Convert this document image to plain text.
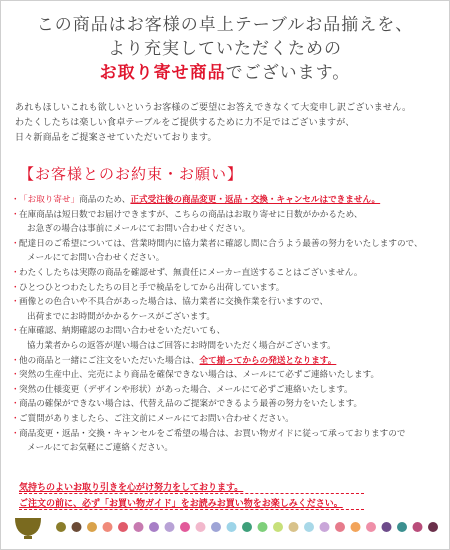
この商品はお客様の卓上テーブルお品揃えを、
より充実していただくための
お取り寄せ商品でございます。
あれもほしいこれも欲しいというお客様のご要望にお答えできなくて大変申し訳ございません。
わたくしたちは楽しい食卓テーブルをご提供するために力不足ではございますが、
日々新商品をご提案させていただいております。
【お客様とのお約束・お願い】
・ 「お取り寄せ」商品のため、正式受注後の商品変更・返品・交換・キャンセルはできません。
・ 在庫商品は短日数でお届けできますが、こちらの商品はお取り寄せに日数がかかるため、
お急ぎの場合は事前にメールにてお問い合わせください。
・ 配達日のご希望については、営業時間内に協力業者に確認し間に合うよう最善の努力をいたしますので、
メールにてお問い合わせください。
・ わたくしたちは実際の商品を確認せず、無責任にメーカー直送することはございません。
・ ひとつひとつわたしたちの目と手で検品をしてから出荷しています。
・ 画像との色合いや不具合があった場合は、協力業者に交換作業を行いますので、
出荷までにお時間がかかるケースがございます。
・ 在庫確認、納期確認のお問い合わせをいただいても、
協力業者からの返答が遅い場合はご回答にお時間をいただく場合がございます。
・ 他の商品と一緒にご注文をいただいた場合は、全て揃ってからの発送となります。
・ 突然の生産中止、完売により商品を確保できない場合は、メールにて必ずご連絡いたします。
・ 突然の仕様変更（デザインや形状）があった場合、メールにて必ずご連絡いたします。
・ 商品の確保ができない場合は、代替え品のご提案ができるよう最善の努力をいたします。
・ ご質問がありましたら、ご注文前にメールにてお問い合わせください。
・ 商品変更・返品・交換・キャンセルをご希望の場合は、お買い物ガイドに従って承っておりますので
メールにてお気軽にご連絡ください。
気持ちのよいお取り引きを心がけ努力をしております。
ご注文の前に、必ず「お買い物ガイド」をお読みお買い物をお楽しみください。
